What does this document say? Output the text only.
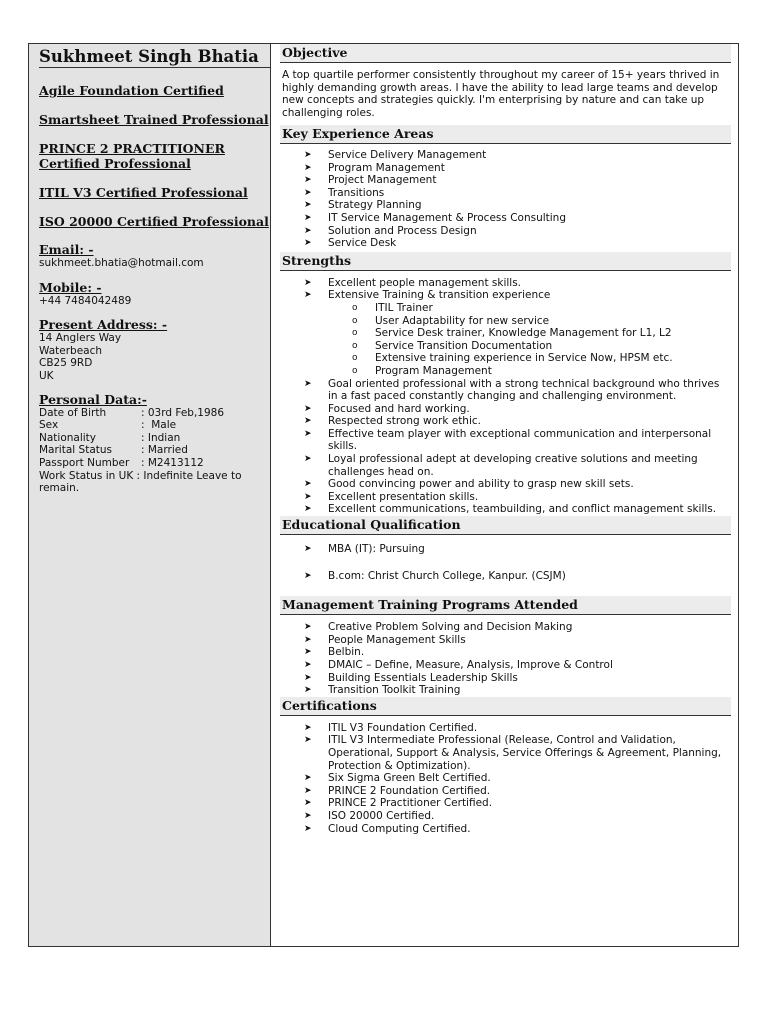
Sukhmeet Singh Bhatia
Agile Foundation Certified
Smartsheet Trained Professional
PRINCE 2 PRACTITIONER
Certified Professional
ITIL V3 Certified Professional
ISO 20000 Certified Professional
Email: -
sukhmeet.bhatia@hotmail.com
Mobile: -
+44 7484042489
Present Address: -
14 Anglers Way
Waterbeach
CB25 9RD
UK
Personal Data:-
Date of Birth	: 03rd Feb,1986
Sex	:  Male
Nationality	: Indian
Marital Status	: Married
Passport Number	: M2413112
Work Status in UK : Indefinite Leave to
remain.
Objective

A top quartile performer consistently throughout my career of 15+ years thrived in highly demanding growth areas. I have the ability to lead large teams and develop new concepts and strategies quickly. I'm enterprising by nature and can take up challenging roles.

Key Experience Areas
➤ Service Delivery Management
➤ Program Management
➤ Project Management
➤ Transitions
➤ Strategy Planning
➤ IT Service Management & Process Consulting
➤ Solution and Process Design
➤ Service Desk
Strengths
➤ Excellent people management skills.
➤ Extensive Training & transition experience
o ITIL Trainer
o User Adaptability for new service
o Service Desk trainer, Knowledge Management for L1, L2
o Service Transition Documentation
o Extensive training experience in Service Now, HPSM etc.
o Program Management
➤ Goal oriented professional with a strong technical background who thrives in a fast paced constantly changing and challenging environment.
➤ Focused and hard working.
➤ Respected strong work ethic.
➤ Effective team player with exceptional communication and interpersonal skills.
➤ Loyal professional adept at developing creative solutions and meeting challenges head on.
➤ Good convincing power and ability to grasp new skill sets.
➤ Excellent presentation skills.
➤ Excellent communications, teambuilding, and conflict management skills.
Educational Qualification
➤ MBA (IT): Pursuing
➤ B.com: Christ Church College, Kanpur. (CSJM)
Management Training Programs Attended
➤ Creative Problem Solving and Decision Making
➤ People Management Skills
➤ Belbin.
➤ DMAIC – Define, Measure, Analysis, Improve & Control
➤ Building Essentials Leadership Skills
➤ Transition Toolkit Training
Certifications
➤ ITIL V3 Foundation Certified.
➤ ITIL V3 Intermediate Professional (Release, Control and Validation, Operational, Support & Analysis, Service Offerings & Agreement, Planning, Protection & Optimization).
➤ Six Sigma Green Belt Certified.
➤ PRINCE 2 Foundation Certified.
➤ PRINCE 2 Practitioner Certified.
➤ ISO 20000 Certified.
➤ Cloud Computing Certified.
